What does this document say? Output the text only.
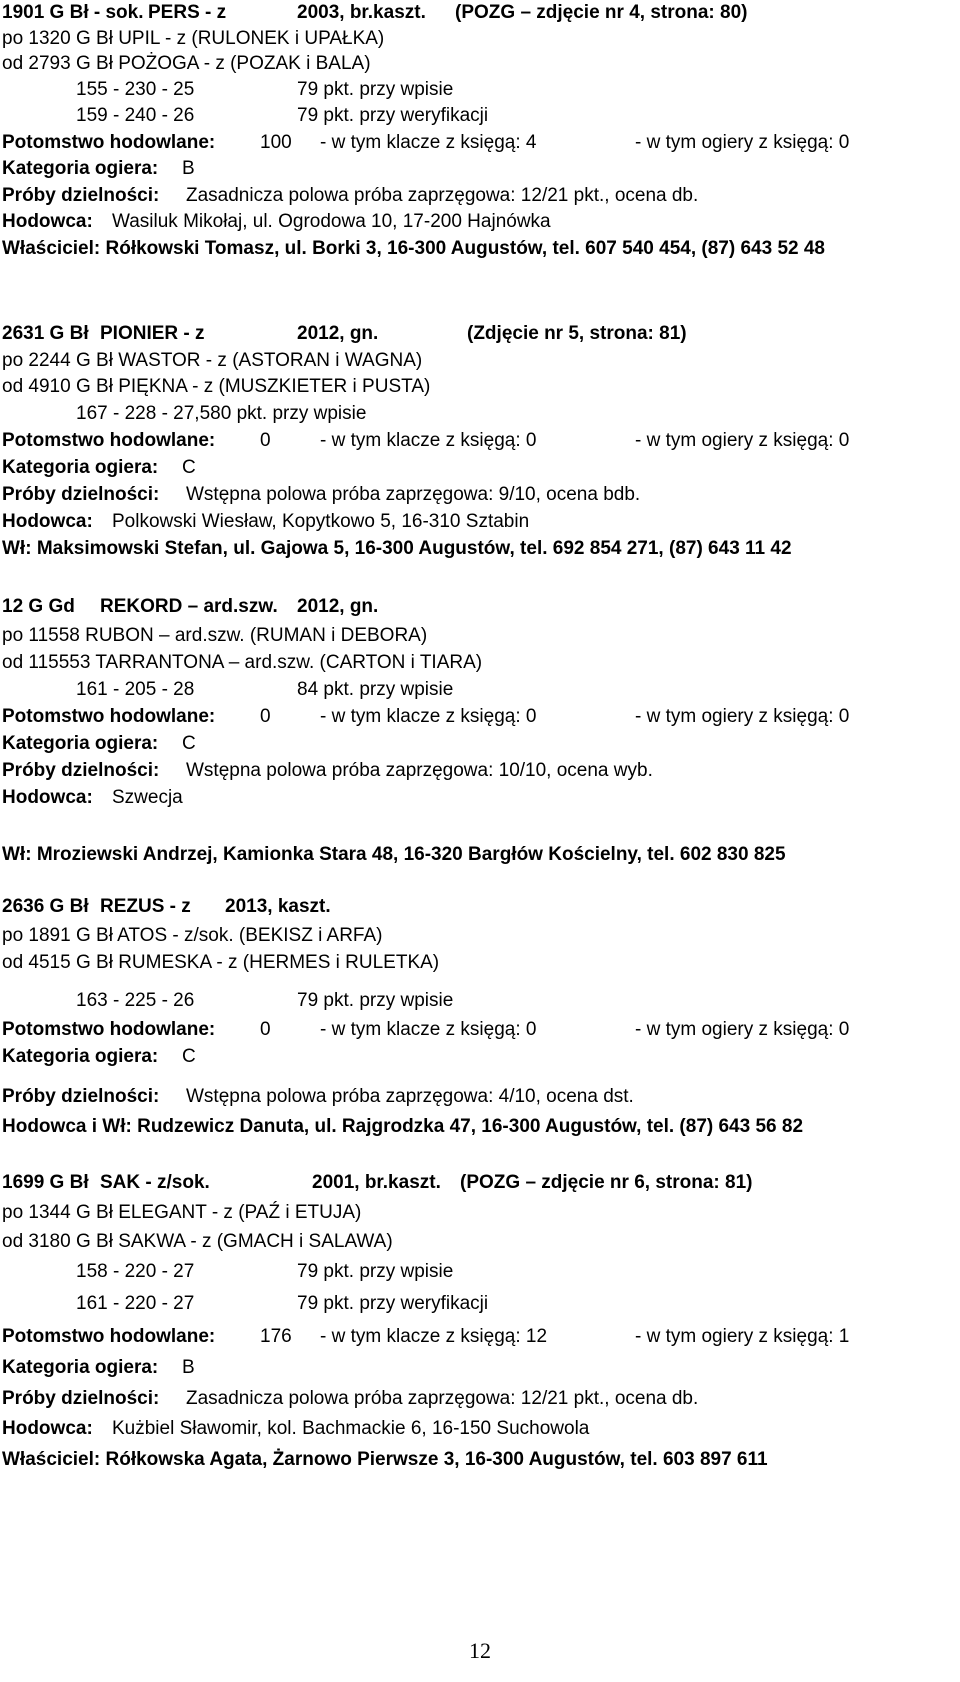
1901 G Bł - sok. PERS - z	2003, br.kaszt. (POZG – zdjęcie nr 4, strona: 80)
po 1320 G Bł UPIL - z (RULONEK i UPAŁKA)
od 2793 G Bł POŻOGA - z (POZAK i BALA)
155 - 230 - 25	79 pkt. przy wpisie
159 - 240 - 26	79 pkt. przy weryfikacji
Potomstwo hodowlane: 100 - w tym klacze z księgą: 4	- w tym ogiery z księgą: 0
Kategoria ogiera: B
Próby dzielności: Zasadnicza polowa próba zaprzęgowa: 12/21 pkt., ocena db.
Hodowca: Wasiluk Mikołaj, ul. Ogrodowa 10, 17-200 Hajnówka
Właściciel: Rółkowski Tomasz, ul. Borki 3, 16-300 Augustów, tel. 607 540 454, (87) 643 52 48
2631 G Bł PIONIER - z	2012, gn.	(Zdjęcie nr 5, strona: 81)
po 2244 G Bł WASTOR - z (ASTORAN i WAGNA)
od 4910 G Bł PIĘKNA - z (MUSZKIETER i PUSTA)
167 - 228 - 27,580 pkt. przy wpisie
Potomstwo hodowlane: 0	- w tym klacze z księgą: 0	- w tym ogiery z księgą: 0
Kategoria ogiera: C
Próby dzielności: Wstępna polowa próba zaprzęgowa: 9/10, ocena bdb.
Hodowca: Polkowski Wiesław, Kopytkowo 5, 16-310 Sztabin
Wł: Maksimowski Stefan, ul. Gajowa 5, 16-300 Augustów, tel. 692 854 271, (87) 643 11 42
12 G Gd REKORD – ard.szw. 2012, gn.
po 11558 RUBON – ard.szw. (RUMAN i DEBORA)
od 115553 TARRANTONA – ard.szw. (CARTON i TIARA)
161 - 205 - 28	84 pkt. przy wpisie
Potomstwo hodowlane: 0	- w tym klacze z księgą: 0	- w tym ogiery z księgą: 0
Kategoria ogiera: C
Próby dzielności: Wstępna polowa próba zaprzęgowa: 10/10, ocena wyb.
Hodowca: Szwecja
Wł: Mroziewski Andrzej, Kamionka Stara 48, 16-320 Bargłów Kościelny, tel. 602 830 825
2636 G Bł REZUS - z 2013, kaszt.
po 1891 G Bł ATOS - z/sok. (BEKISZ i ARFA)
od 4515 G Bł RUMESKA - z (HERMES i RULETKA)
163 - 225 - 26	79 pkt. przy wpisie
Potomstwo hodowlane: 0	- w tym klacze z księgą: 0	- w tym ogiery z księgą: 0
Kategoria ogiera: C
Próby dzielności: Wstępna polowa próba zaprzęgowa: 4/10, ocena dst.
Hodowca i Wł: Rudzewicz Danuta, ul. Rajgrodzka 47, 16-300 Augustów, tel. (87) 643 56 82
1699 G Bł SAK - z/sok.	2001, br.kaszt. (POZG – zdjęcie nr 6, strona: 81)
po 1344 G Bł ELEGANT - z (PAŹ i ETUJA)
od 3180 G Bł SAKWA - z (GMACH i SALAWA)
158 - 220 - 27	79 pkt. przy wpisie
161 - 220 - 27	79 pkt. przy weryfikacji
Potomstwo hodowlane: 176 - w tym klacze z księgą: 12	- w tym ogiery z księgą: 1
Kategoria ogiera: B
Próby dzielności: Zasadnicza polowa próba zaprzęgowa: 12/21 pkt., ocena db.
Hodowca: Kużbiel Sławomir, kol. Bachmackie 6, 16-150 Suchowola
Właściciel: Rółkowska Agata, Żarnowo Pierwsze 3, 16-300 Augustów, tel. 603 897 611
12
